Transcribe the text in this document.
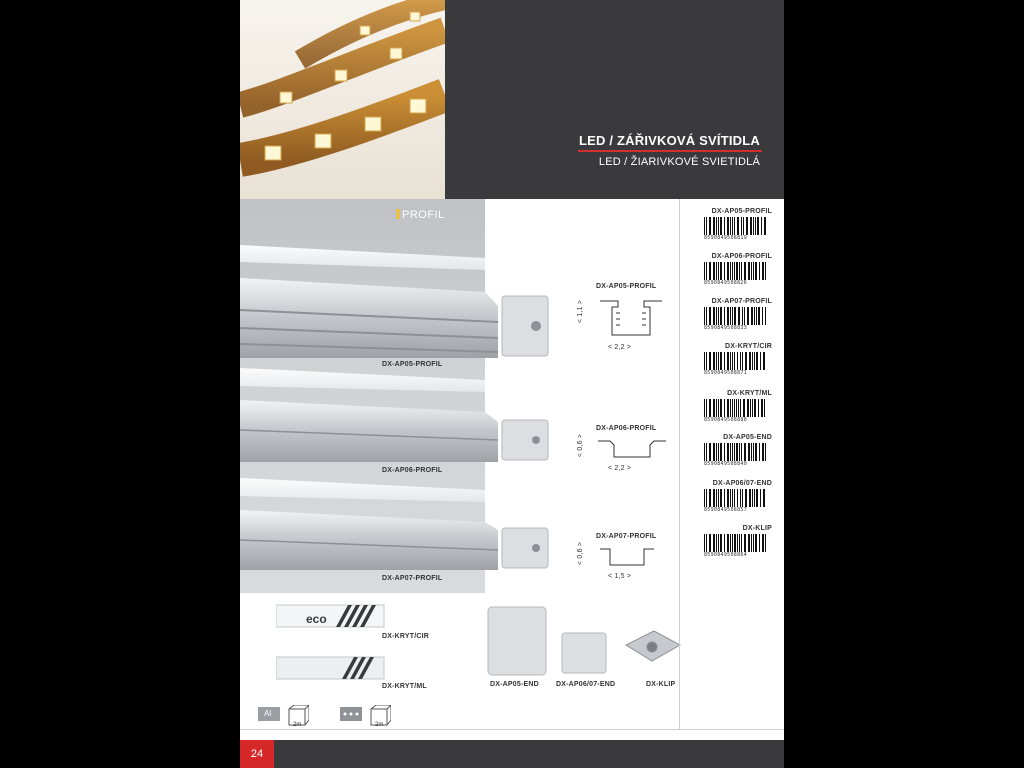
LED / ZÁŘIVKOVÁ SVÍTIDLA
LED / ŽIARIVKOVÉ SVIETIDLÁ
PROFIL
DX-AP05-PROFIL
DX-AP06-PROFIL
DX-AP07-PROFIL
DX-AP05-PROFIL
< 1,1 >
< 2,2 >
DX-AP06-PROFIL
< 0,6 >
< 2,2 >
DX-AP07-PROFIL
< 0,6 >
< 1,5 >
eco
DX-KRYT/CIR
DX-KRYT/ML	DX-AP05-END DX-AP06/07-END	DX-KLIP
DX-AP05-PROFIL
8590849508819
DX-AP06-PROFIL
8590849508826
DX-AP07-PROFIL
8590849508833
DX-KRYT/CIR
8590849508871
DX-KRYT/ML
8590849508888
DX-AP05-END
8590849508840
DX-AP06/07-END
8590849508857
DX-KLIP
8590849508864
Al
2m	2m
24
